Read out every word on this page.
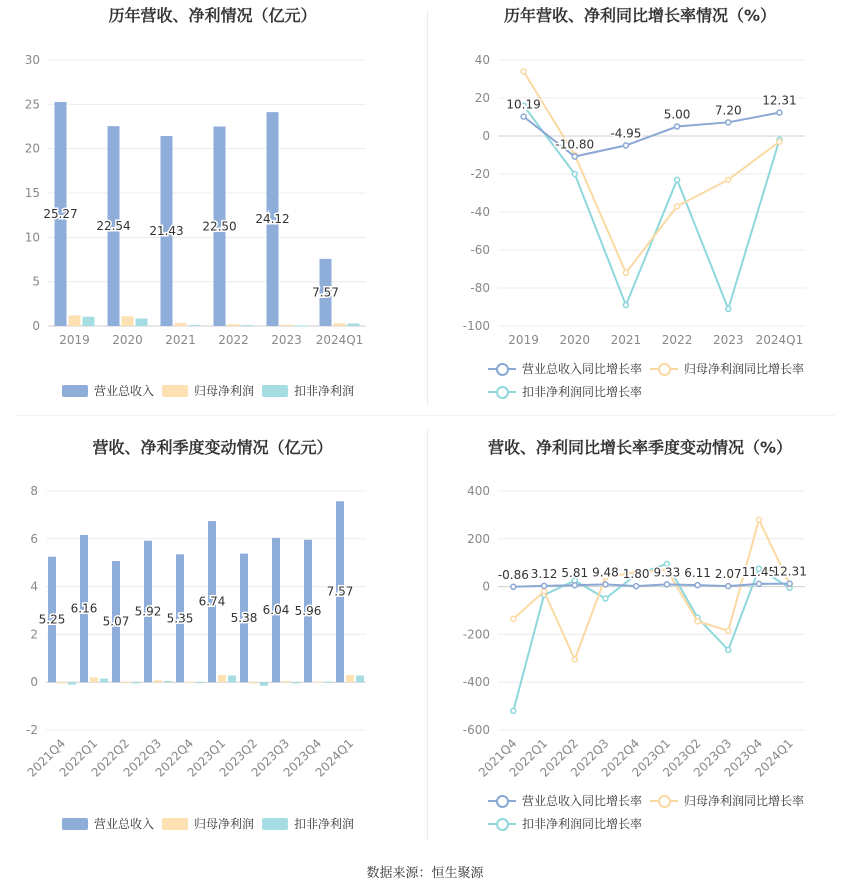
历年营收、净利情况（亿元）
0
5
10
15
20
25
30
2019 2020 2021 2022 2023 2024Q1
25.27
22.54 21.43 22.50
24.12
7.57
营业总收入	归母净利润	扣非净利润
历年营收、净利同比增长率情况（%）
-100
-80
-60
-40
-20
0
20
40
2019 2020 2021 2022 2023 2024Q1
10.19
-10.80
-4.95
5.00 7.20
12.31
营业总收入同比增长率	归母净利润同比增长率
扣非净利润同比增长率
营收、净利季度变动情况（亿元）
-2
0
2
4
6
8
2021Q4
2022Q1
2022Q2
2022Q3
2022Q4
2023Q1
2023Q2
2023Q3
2023Q4
2024Q1
5.25
6.16
5.07
5.92 5.35
6.74
5.38
6.04 5.96
7.57
营业总收入	归母净利润	扣非净利润
营收、净利同比增长率季度变动情况（%）
-600
-400
-200
0
200
400
2021Q4
2022Q1
2022Q2
2022Q3
2022Q4
2023Q1
2023Q2
2023Q3
2023Q4
2024Q1
-0.86 3.12 5.81 9.48 1.80 9.33 6.11 2.07 11.45
12.31
营业总收入同比增长率	归母净利润同比增长率
扣非净利润同比增长率
数据来源：恒生聚源
